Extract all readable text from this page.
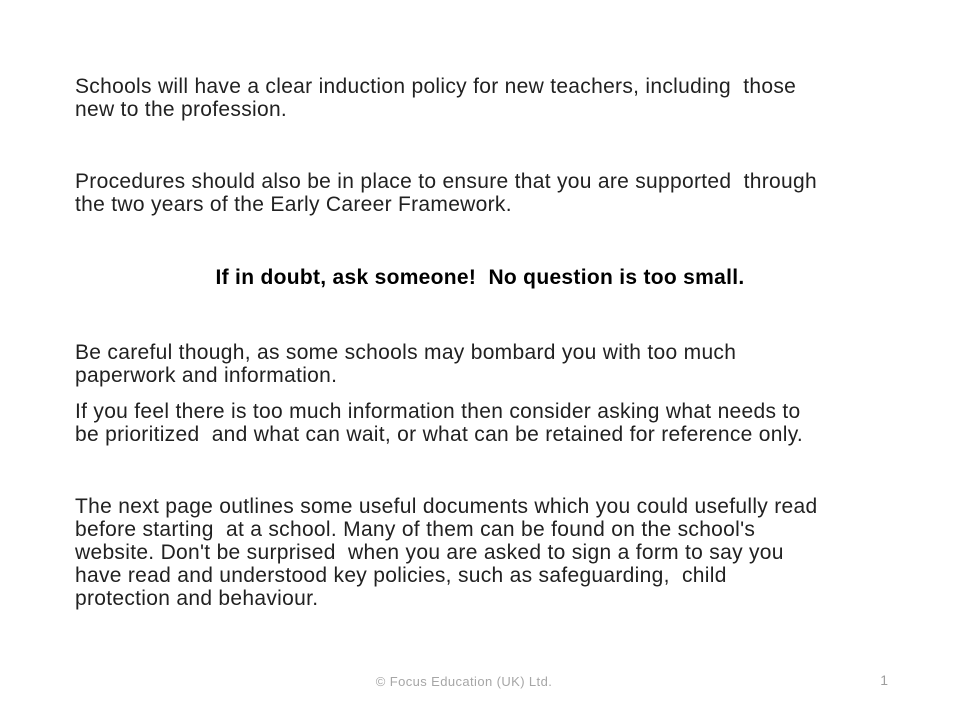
Schools will have a clear induction policy for new teachers, including  those
new to the profession.
Procedures should also be in place to ensure that you are supported  through
the two years of the Early Career Framework.
If in doubt, ask someone!  No question is too small.
Be careful though, as some schools may bombard you with too much
paperwork and information.
If you feel there is too much information then consider asking what needs to
be prioritized  and what can wait, or what can be retained for reference only.
The next page outlines some useful documents which you could usefully read
before starting  at a school. Many of them can be found on the school's
website. Don't be surprised  when you are asked to sign a form to say you
have read and understood key policies, such as safeguarding,  child
protection and behaviour.
© Focus Education (UK) Ltd.	1
